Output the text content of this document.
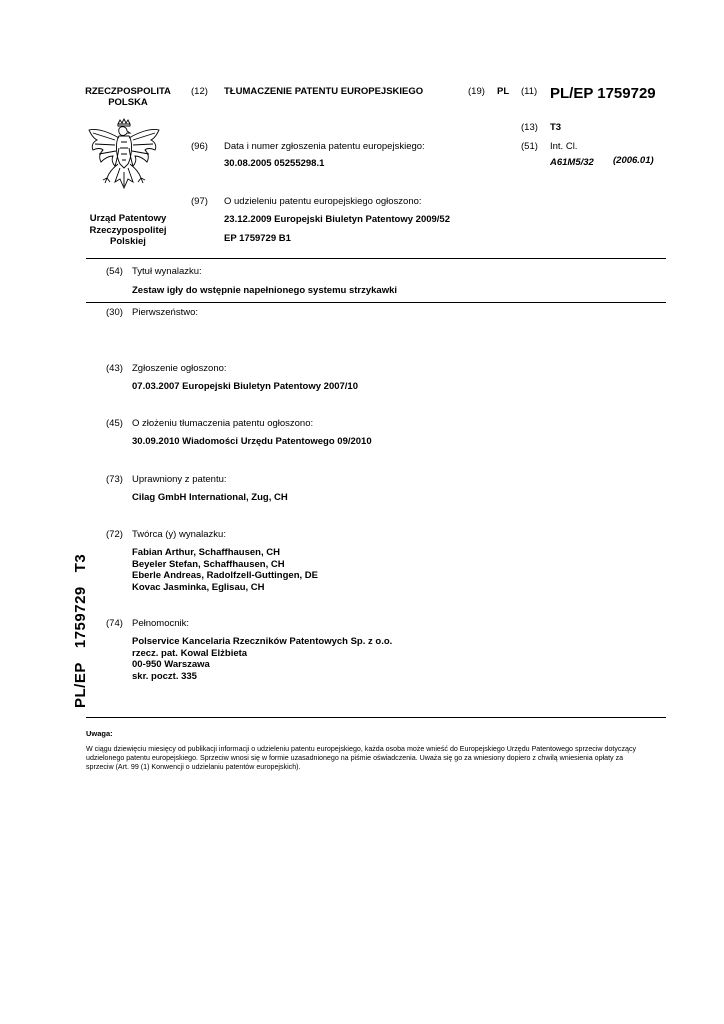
RZECZPOSPOLITA
POLSKA
Urząd Patentowy
Rzeczypospolitej
Polskiej
(12) TŁUMACZENIE PATENTU EUROPEJSKIEGO	(19) PL (11) PL/EP 1759729
(13) T3
(51) Int. Cl.
A61M5/32 (2006.01)
(96) Data i numer zgłoszenia patentu europejskiego:
30.08.2005 05255298.1
(97) O udzieleniu patentu europejskiego ogłoszono:
23.12.2009 Europejski Biuletyn Patentowy 2009/52
EP 1759729 B1
(54) Tytuł wynalazku:
Zestaw igły do wstępnie napełnionego systemu strzykawki
(30) Pierwszeństwo:
(43) Zgłoszenie ogłoszono:
07.03.2007 Europejski Biuletyn Patentowy 2007/10
(45) O złożeniu tłumaczenia patentu ogłoszono:
30.09.2010 Wiadomości Urzędu Patentowego 09/2010
(73) Uprawniony z patentu:
Cilag GmbH International, Zug, CH
(72) Twórca (y) wynalazku:
Fabian Arthur, Schaffhausen, CH
Beyeler Stefan, Schaffhausen, CH
Eberle Andreas, Radolfzell-Guttingen, DE
Kovac Jasminka, Eglisau, CH
(74) Pełnomocnik:
Polservice Kancelaria Rzeczników Patentowych Sp. z o.o.
rzecz. pat. Kowal Elżbieta
00-950 Warszawa
skr. poczt. 335
PL/EP1759729T3
Uwaga:
W ciągu dziewięciu miesięcy od publikacji informacji o udzieleniu patentu europejskiego, każda osoba może wnieść do Europejskiego Urzędu Patentowego sprzeciw dotyczący udzielonego patentu europejskiego. Sprzeciw wnosi się w formie uzasadnionego na piśmie oświadczenia. Uważa się go za wniesiony dopiero z chwilą wniesienia opłaty za sprzeciw (Art. 99 (1) Konwencji o udzielaniu patentów europejskich).
